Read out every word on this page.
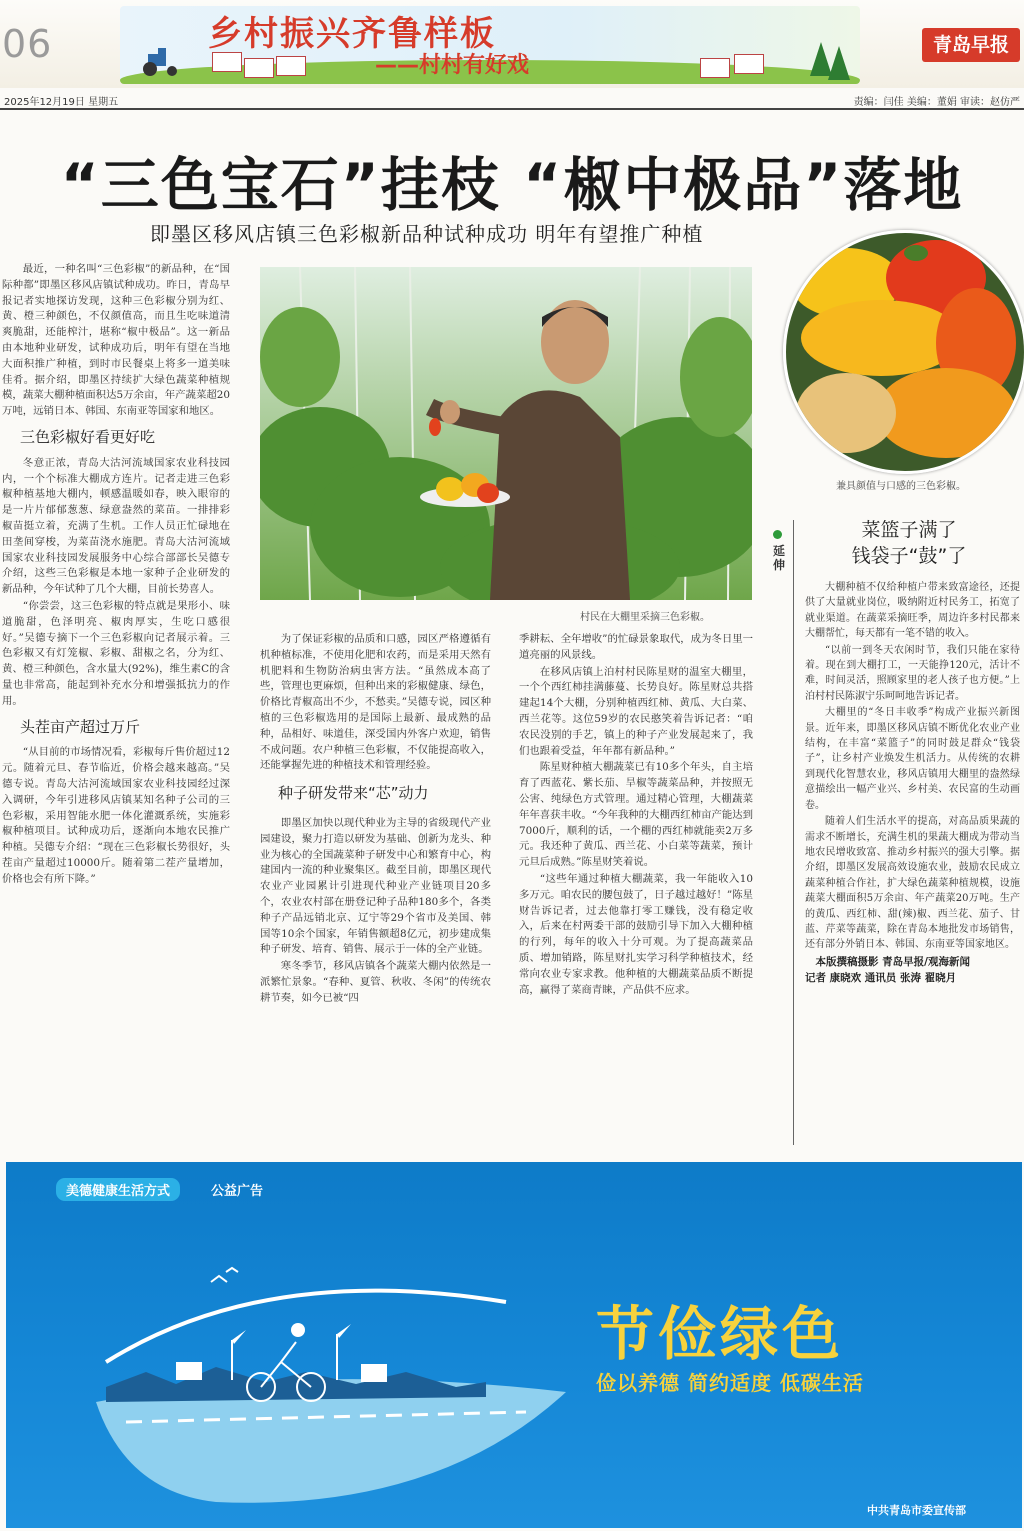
06	乡村振兴齐鲁样板
——村村有好戏
青岛早报
2025年12月19日 星期五	责编：闫佳 美编：董娟 审读：赵仿严
“三色宝石”挂枝 “椒中极品”落地
即墨区移风店镇三色彩椒新品种试种成功 明年有望推广种植

最近，一种名叫“三色彩椒”的新品种，在“国际种都”即墨区移风店镇试种成功。昨日，青岛早报记者实地探访发现，这种三色彩椒分别为红、黄、橙三种颜色，不仅颜值高，而且生吃味道清爽脆甜，还能榨汁，堪称“椒中极品”。这一新品由本地种业研发，试种成功后，明年有望在当地大面积推广种植，到时市民餐桌上将多一道美味佳肴。据介绍，即墨区持续扩大绿色蔬菜种植规模，蔬菜大棚种植面积达5万余亩，年产蔬菜超20万吨，远销日本、韩国、东南亚等国家和地区。

三色彩椒好看更好吃

冬意正浓，青岛大沽河流域国家农业科技园内，一个个标准大棚成方连片。记者走进三色彩椒种植基地大棚内，顿感温暖如春，映入眼帘的是一片片郁郁葱葱、绿意盎然的菜苗。一排排彩椒苗挺立着，充满了生机。工作人员正忙碌地在田垄间穿梭，为菜苗浇水施肥。青岛大沽河流域国家农业科技园发展服务中心综合部部长吴德专介绍，这些三色彩椒是本地一家种子企业研发的新品种，今年试种了几个大棚，目前长势喜人。

“你尝尝，这三色彩椒的特点就是果形小、味道脆甜，色泽明亮、椒肉厚实，生吃口感很好。”吴德专摘下一个三色彩椒向记者展示着。三色彩椒又有灯笼椒、彩椒、甜椒之名，分为红、黄、橙三种颜色，含水量大(92%)，维生素C的含量也非常高，能起到补充水分和增强抵抗力的作用。

头茬亩产超过万斤

“从目前的市场情况看，彩椒每斤售价超过12元。随着元旦、春节临近，价格会越来越高。”吴德专说。青岛大沽河流域国家农业科技园经过深入调研，今年引进移风店镇某知名种子公司的三色彩椒，采用智能水肥一体化灌溉系统，实施彩椒种植项目。试种成功后，逐渐向本地农民推广种植。吴德专介绍：“现在三色彩椒长势很好，头茬亩产量超过10000斤。随着第二茬产量增加，价格也会有所下降。”

村民在大棚里采摘三色彩椒。

为了保证彩椒的品质和口感，园区严格遵循有机种植标准，不使用化肥和农药，而是采用天然有机肥料和生物防治病虫害方法。“虽然成本高了些，管理也更麻烦，但种出来的彩椒健康、绿色，价格比青椒高出不少，不愁卖。”吴德专说，园区种植的三色彩椒选用的是国际上最新、最成熟的品种，品相好、味道佳，深受国内外客户欢迎，销售不成问题。农户种植三色彩椒，不仅能提高收入，还能掌握先进的种植技术和管理经验。

种子研发带来“芯”动力

即墨区加快以现代种业为主导的省级现代产业园建设，聚力打造以研发为基础、创新为龙头、种业为核心的全国蔬菜种子研发中心和繁育中心，构建国内一流的种业聚集区。截至目前，即墨区现代农业产业园累计引进现代种业产业链项目20多个，农业农村部在册登记种子品种180多个，各类种子产品远销北京、辽宁等29个省市及美国、韩国等10余个国家，年销售额超8亿元，初步建成集种子研发、培育、销售、展示于一体的全产业链。

寒冬季节，移风店镇各个蔬菜大棚内依然是一派繁忙景象。“春种、夏管、秋收、冬闲”的传统农耕节奏，如今已被“四

季耕耘、全年增收”的忙碌景象取代，成为冬日里一道亮丽的风景线。

在移风店镇上泊村村民陈星财的温室大棚里，一个个西红柿挂满藤蔓、长势良好。陈星财总共搭建起14个大棚，分别种植西红柿、黄瓜、大白菜、西兰花等。这位59岁的农民憨笑着告诉记者：“咱农民没别的手艺，镇上的种子产业发展起来了，我们也跟着受益，年年都有新品种。”

陈星财种植大棚蔬菜已有10多个年头，自主培育了西蓝花、紫长茄、旱椒等蔬菜品种，并按照无公害、纯绿色方式管理。通过精心管理，大棚蔬菜年年喜获丰收。“今年我种的大棚西红柿亩产能达到7000斤，顺利的话，一个棚的西红柿就能卖2万多元。我还种了黄瓜、西兰花、小白菜等蔬菜，预计元旦后成熟。”陈星财笑着说。

“这些年通过种植大棚蔬菜，我一年能收入10多万元。咱农民的腰包鼓了，日子越过越好！”陈星财告诉记者，过去他靠打零工赚钱，没有稳定收入，后来在村两委干部的鼓励引导下加入大棚种植的行列，每年的收入十分可观。为了提高蔬菜品质、增加销路，陈星财扎实学习科学种植技术，经常向农业专家求教。他种植的大棚蔬菜品质不断提高，赢得了菜商青睐，产品供不应求。

兼具颜值与口感的三色彩椒。
延伸
菜篮子满了
钱袋子“鼓”了

大棚种植不仅给种植户带来致富途径，还提供了大量就业岗位，吸纳附近村民务工，拓宽了就业渠道。在蔬菜采摘旺季，周边许多村民都来大棚帮忙，每天都有一笔不错的收入。

“以前一到冬天农闲时节，我们只能在家待着。现在到大棚打工，一天能挣120元，活计不难，时间灵活，照顾家里的老人孩子也方便。”上泊村村民陈淑宁乐呵呵地告诉记者。

大棚里的“冬日丰收季”构成产业振兴新图景。近年来，即墨区移风店镇不断优化农业产业结构，在丰富“菜篮子”的同时鼓足群众“钱袋子”，让乡村产业焕发生机活力。从传统的农耕到现代化智慧农业，移风店镇用大棚里的盎然绿意描绘出一幅产业兴、乡村美、农民富的生动画卷。

随着人们生活水平的提高，对高品质果蔬的需求不断增长，充满生机的果蔬大棚成为带动当地农民增收致富、推动乡村振兴的强大引擎。据介绍，即墨区发展高效设施农业，鼓励农民成立蔬菜种植合作社，扩大绿色蔬菜种植规模，设施蔬菜大棚面积5万余亩、年产蔬菜20万吨。生产的黄瓜、西红柿、甜(辣)椒、西兰花、茄子、甘蓝、芹菜等蔬菜，除在青岛本地批发市场销售，还有部分外销日本、韩国、东南亚等国家地区。

本版撰稿摄影 青岛早报/观海新闻
记者 康晓欢 通讯员 张涛 翟晓月
美德健康生活方式	公益广告
节俭绿色
俭以养德 简约适度 低碳生活
中共青岛市委宣传部
